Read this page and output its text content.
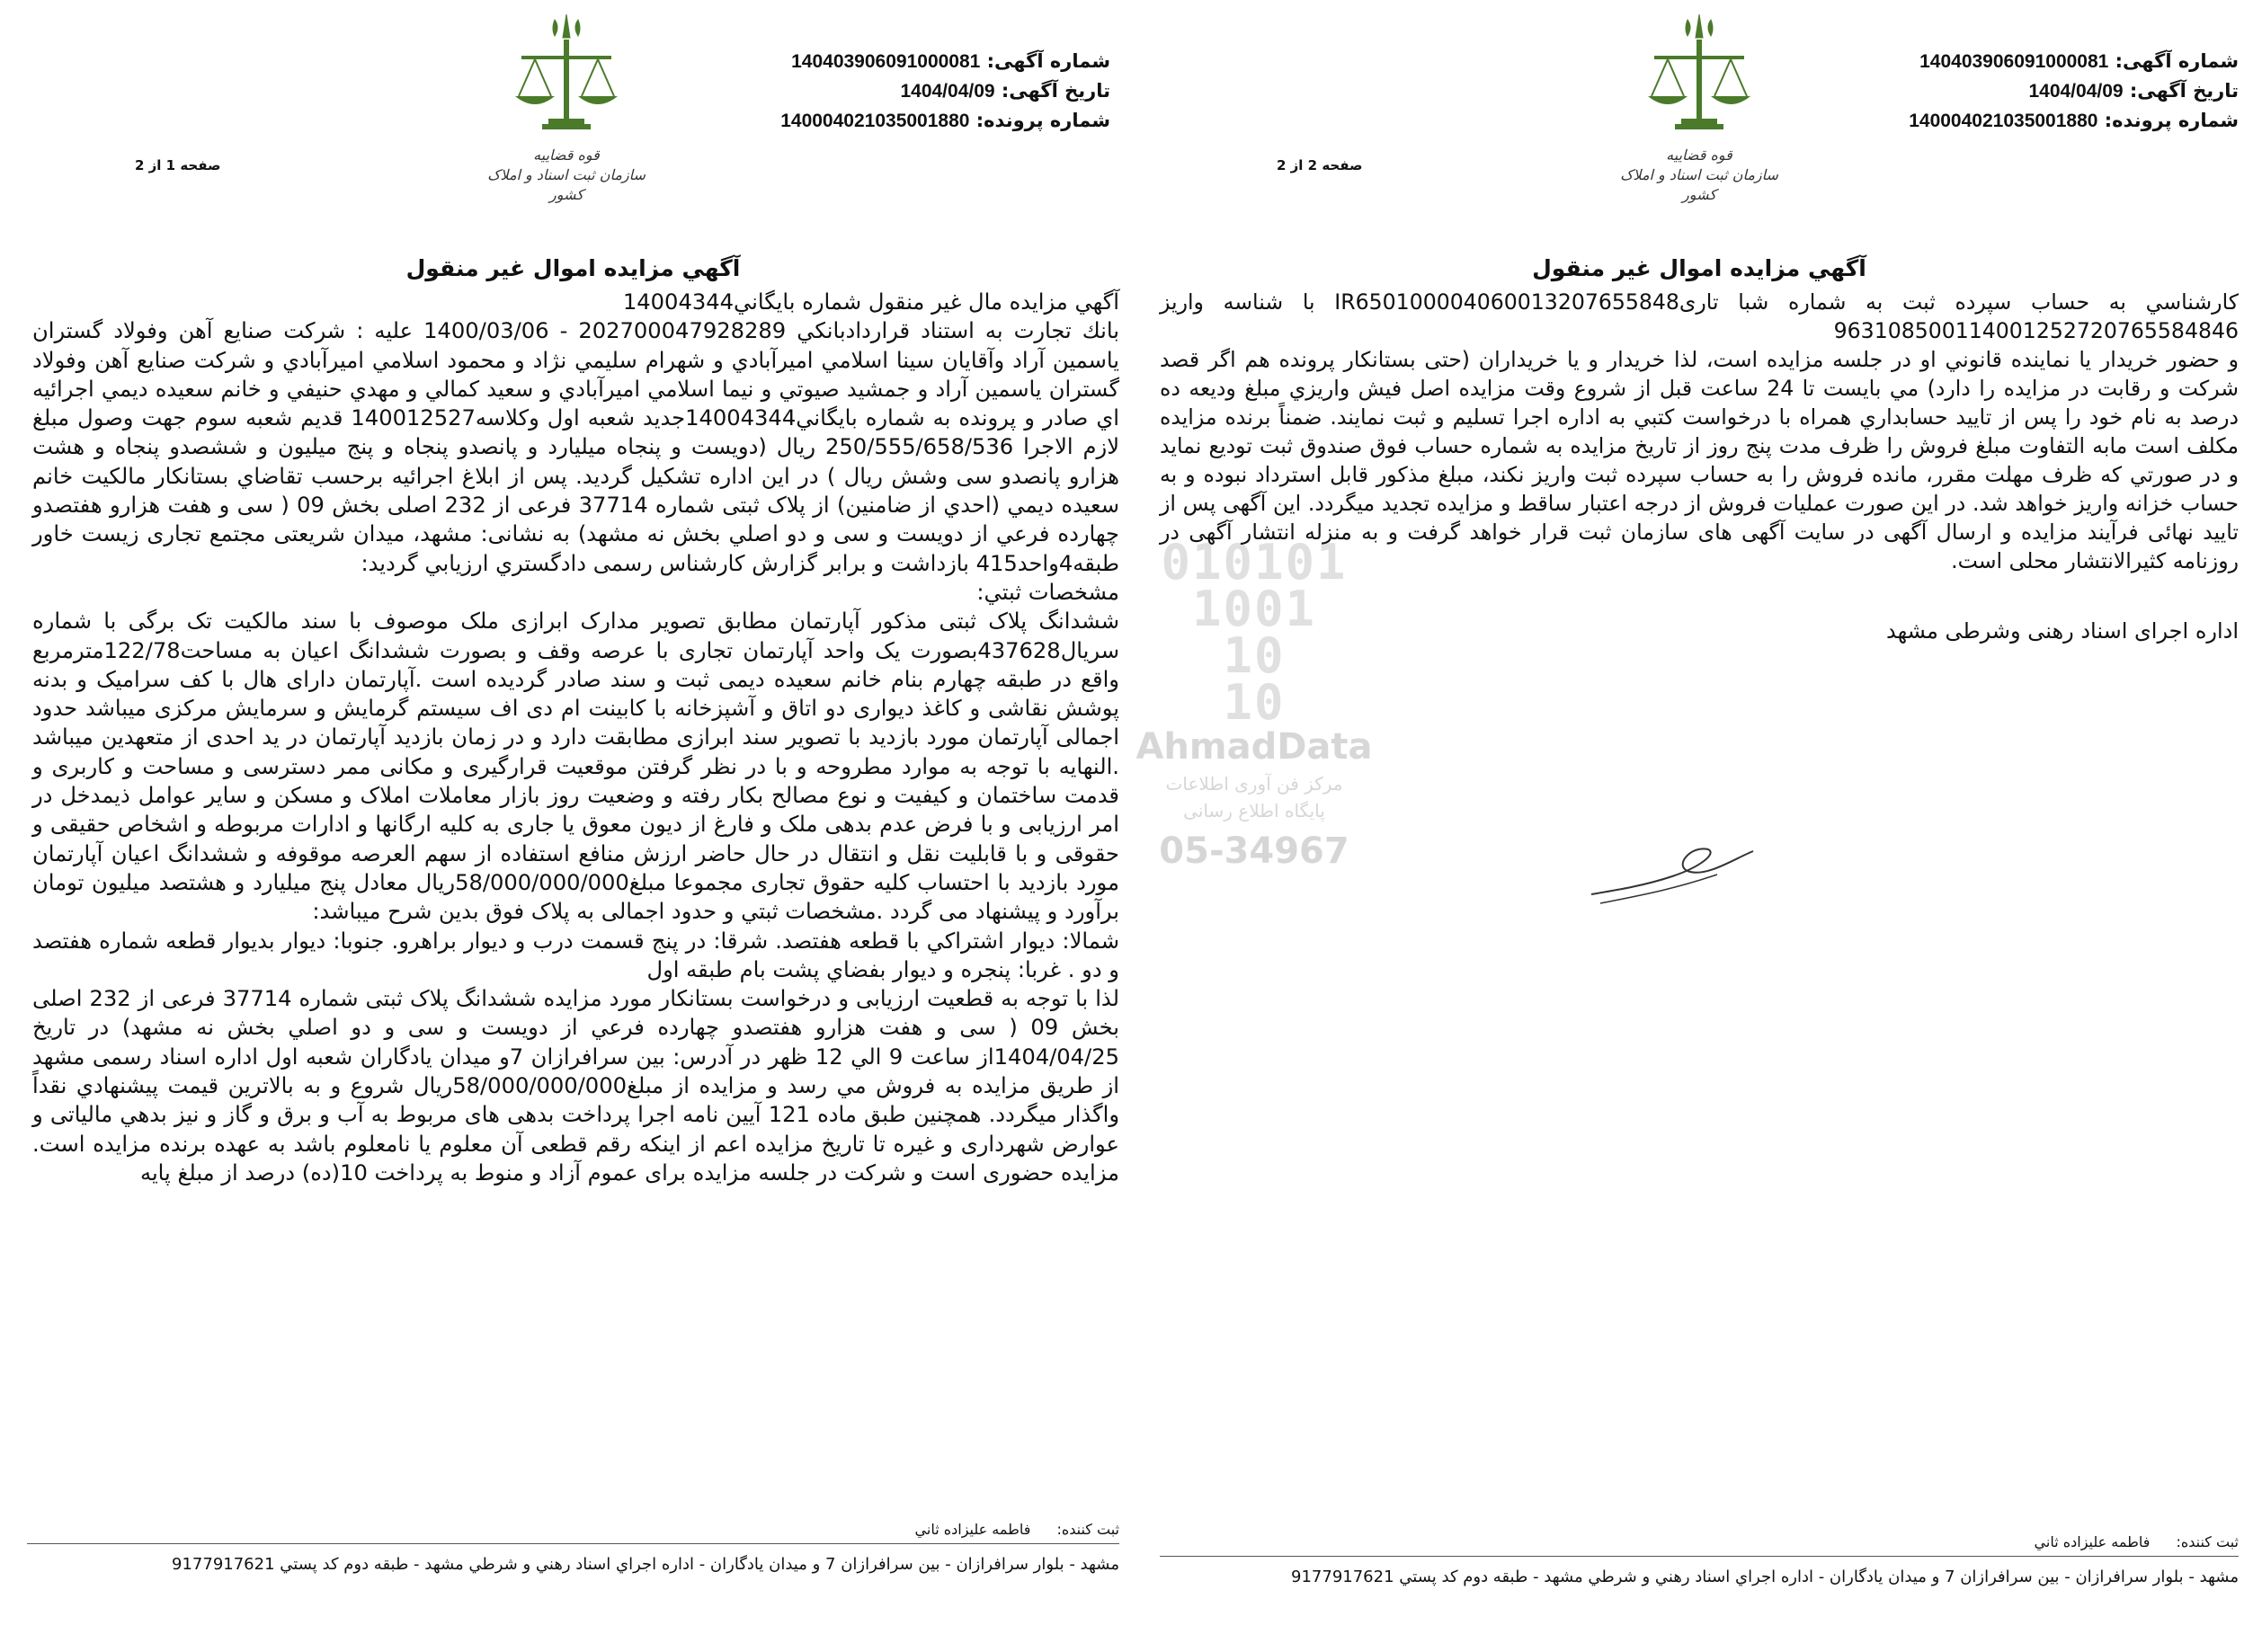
010101
1001
10
10
AhmadData
مرکز فن آوری اطلاعات
پایگاه اطلاع رسانی
05-34967
شماره آگهی: 140403906091000081
تاریخ آگهی: 1404/04/09
شماره پرونده: 140004021035001880
قوه قضاییه
سازمان ثبت اسناد و املاک کشور
صفحه 1 از 2
آگهي مزايده اموال غير منقول

آگهي مزايده مال غير منقول شماره بايگاني14004344

بانك تجارت به استناد قراردادبانكي 202700047928289 - 1400/03/06 عليه : شركت صنايع آهن وفولاد گستران ياسمين آراد وآقايان سينا اسلامي اميرآبادي و شهرام سليمي نژاد و محمود اسلامي اميرآبادي و شركت صنايع آهن وفولاد گستران ياسمين آراد و جمشيد صيوتي و نيما اسلامي اميرآبادي و سعيد كمالي و مهدي حنيفي و خانم سعيده ديمي اجرائيه اي صادر و پرونده به شماره بايگاني14004344جديد شعبه اول وكلاسه140012527 قديم شعبه سوم جهت وصول مبلغ لازم الاجرا 250/555/658/536 ريال (دويست و پنجاه ميليارد و پانصدو پنجاه و پنج ميليون و ششصدو پنجاه و هشت هزارو پانصدو سی وشش ريال ) در اين اداره تشكيل گرديد. پس از ابلاغ اجرائيه برحسب تقاضاي بستانكار مالكيت خانم سعيده ديمي (احدي از ضامنين) از پلاک ثبتی شماره 37714 فرعی از 232 اصلی بخش 09 ( سی و هفت هزارو هفتصدو چهارده فرعي از دويست و سی و دو اصلي بخش نه مشهد) به نشانی: مشهد، ميدان شريعتی مجتمع تجاری زيست خاور طبقه4واحد415 بازداشت و برابر گزارش كارشناس رسمی دادگستري ارزيابي گرديد:

مشخصات ثبتي:

ششدانگ پلاک ثبتی مذکور آپارتمان مطابق تصویر مدارک ابرازی ملک موصوف با سند مالکیت تک برگی با شماره سریال437628بصورت یک واحد آپارتمان تجاری با عرصه وقف و بصورت ششدانگ اعیان به مساحت122/78مترمربع واقع در طبقه چهارم بنام خانم سعیده دیمی ثبت و سند صادر گردیده است .آپارتمان دارای هال با کف سرامیک و بدنه پوشش نقاشی و کاغذ دیواری دو اتاق و آشپزخانه با کابینت ام دی اف سیستم گرمایش و سرمایش مرکزی میباشد حدود اجمالی آپارتمان مورد بازدید با تصویر سند ابرازی مطابقت دارد و در زمان بازدید آپارتمان در ید احدی از متعهدین میباشد .النهایه با توجه به موارد مطروحه و با در نظر گرفتن موقعیت قرارگیری و مکانی ممر دسترسی و مساحت و کاربری و قدمت ساختمان و کیفیت و نوع مصالح بکار رفته و وضعیت روز بازار معاملات املاک و مسکن و سایر عوامل ذیمدخل در امر ارزیابی و با فرض عدم بدهی ملک و فارغ از دیون معوق یا جاری به کلیه ارگانها و ادارات مربوطه و اشخاص حقیقی و حقوقی و با قابلیت نقل و انتقال در حال حاضر ارزش منافع استفاده از سهم العرصه موقوفه و ششدانگ اعیان آپارتمان مورد بازدید با احتساب کلیه حقوق تجاری مجموعا مبلغ58/000/000/000ریال معادل پنج میلیارد و هشتصد میلیون تومان برآورد و پیشنهاد می گردد .مشخصات ثبتي و حدود اجمالی به پلاک فوق بدين شرح ميباشد:

شمالا: ديوار اشتراكي با قطعه هفتصد. شرقا: در پنج قسمت درب و ديوار براهرو. جنوبا: ديوار بديوار قطعه شماره هفتصد و دو . غربا: پنجره و ديوار بفضاي پشت بام طبقه اول

لذا با توجه به قطعيت ارزيابی و درخواست بستانكار مورد مزايده ششدانگ پلاک ثبتی شماره 37714 فرعی از 232 اصلی بخش 09 ( سی و هفت هزارو هفتصدو چهارده فرعي از دويست و سی و دو اصلي بخش نه مشهد) در تاريخ 1404/04/25از ساعت 9 الي 12 ظهر در آدرس: بين سرافرازان 7و ميدان يادگاران شعبه اول اداره اسناد رسمی مشهد از طريق مزايده به فروش مي رسد و مزايده از مبلغ58/000/000/000ريال شروع و به بالاترين قيمت پيشنهادي نقداً واگذار ميگردد. همچنين طبق ماده 121 آيين نامه اجرا پرداخت بدهی های مربوط به آب و برق و گاز و نيز بدهي مالياتی و عوارض شهرداری و غيره تا تاريخ مزايده اعم از اينكه رقم قطعی آن معلوم يا نامعلوم باشد به عهده برنده مزايده است. مزايده حضوری است و شركت در جلسه مزايده برای عموم آزاد و منوط به پرداخت 10(ده) درصد از مبلغ پايه

ثبت كننده: فاطمه عليزاده ثاني
مشهد - بلوار سرافرازان - بين سرافرازان 7 و ميدان يادگاران - اداره اجراي اسناد رهني و شرطي مشهد - طبقه دوم كد پستي 9177917621
شماره آگهی: 140403906091000081
تاریخ آگهی: 1404/04/09
شماره پرونده: 140004021035001880
قوه قضاییه
سازمان ثبت اسناد و املاک کشور
صفحه 2 از 2
آگهي مزايده اموال غير منقول

كارشناسي به حساب سپرده ثبت به شماره شبا تاریIR650100004060013207655848 با شناسه واريز 963108500114001252720765584846

و حضور خريدار يا نماينده قانوني او در جلسه مزايده است، لذا خريدار و يا خريداران (حتی بستانكار پرونده هم اگر قصد شركت و رقابت در مزايده را دارد) مي بايست تا 24 ساعت قبل از شروع وقت مزايده اصل فيش واريزي مبلغ وديعه ده درصد به نام خود را پس از تاييد حسابداري همراه با درخواست كتبي به اداره اجرا تسليم و ثبت نمايند. ضمناً برنده مزايده مكلف است مابه التفاوت مبلغ فروش را ظرف مدت پنج روز از تاريخ مزايده به شماره حساب فوق صندوق ثبت توديع نمايد و در صورتي كه ظرف مهلت مقرر، مانده فروش را به حساب سپرده ثبت واريز نكند، مبلغ مذكور قابل استرداد نبوده و به حساب خزانه واريز خواهد شد. در اين صورت عمليات فروش از درجه اعتبار ساقط و مزايده تجديد ميگردد. اين آگهی پس از تاييد نهائی فرآيند مزايده و ارسال آگهی در سايت آگهی های سازمان ثبت قرار خواهد گرفت و به منزله انتشار آگهی در روزنامه كثيرالانتشار محلی است.

اداره اجرای اسناد رهنی وشرطی مشهد
ثبت كننده: فاطمه عليزاده ثاني
مشهد - بلوار سرافرازان - بين سرافرازان 7 و ميدان يادگاران - اداره اجراي اسناد رهني و شرطي مشهد - طبقه دوم كد پستي 9177917621
